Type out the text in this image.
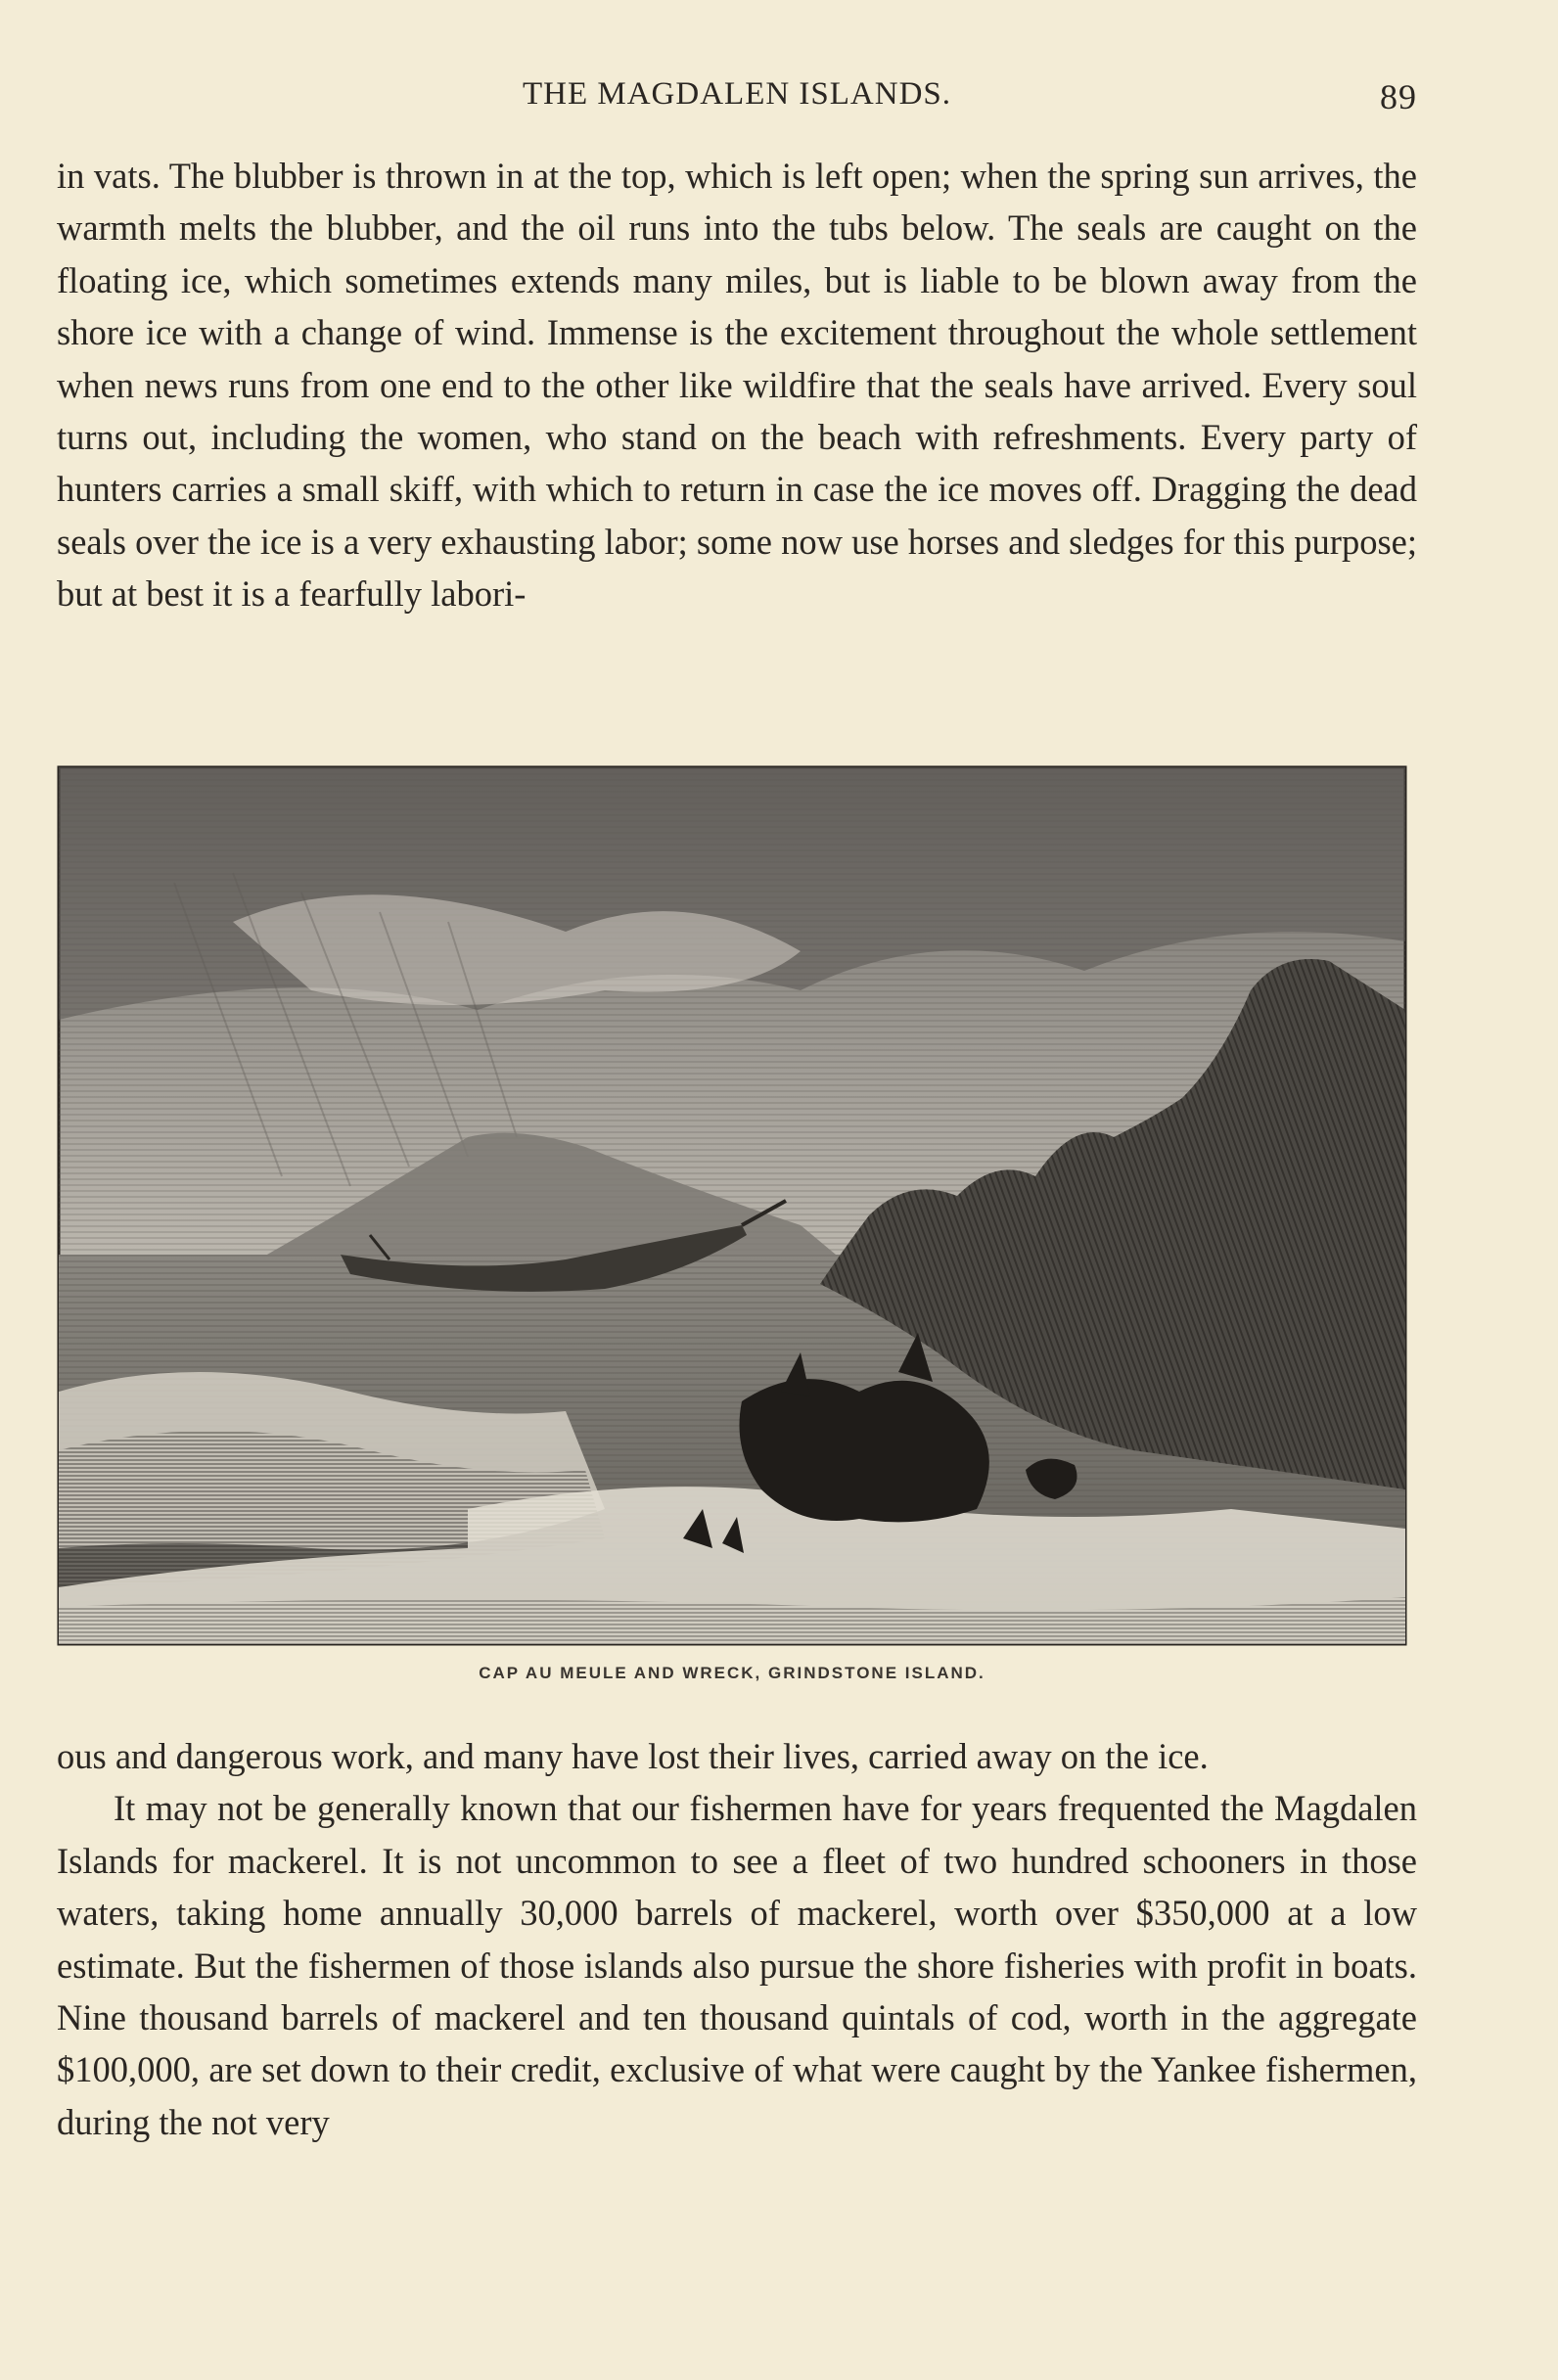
THE MAGDALEN ISLANDS.	89

in vats. The blubber is thrown in at the top, which is left open; when the spring sun arrives, the warmth melts the blubber, and the oil runs into the tubs below. The seals are caught on the floating ice, which sometimes extends many miles, but is liable to be blown away from the shore ice with a change of wind. Immense is the excitement throughout the whole settlement when news runs from one end to the other like wildfire that the seals have arrived. Every soul turns out, including the women, who stand on the beach with refreshments. Every party of hunters carries a small skiff, with which to return in case the ice moves off. Dragging the dead seals over the ice is a very exhausting labor; some now use horses and sledges for this purpose; but at best it is a fearfully labori-

CAP AU MEULE AND WRECK, GRINDSTONE ISLAND.

ous and dangerous work, and many have lost their lives, carried away on the ice.

It may not be generally known that our fishermen have for years frequented the Magdalen Islands for mackerel. It is not uncommon to see a fleet of two hundred schooners in those waters, taking home annually 30,000 barrels of mackerel, worth over $350,000 at a low estimate. But the fishermen of those islands also pursue the shore fisheries with profit in boats. Nine thousand barrels of mackerel and ten thousand quintals of cod, worth in the aggregate $100,000, are set down to their credit, exclusive of what were caught by the Yankee fishermen, during the not very
